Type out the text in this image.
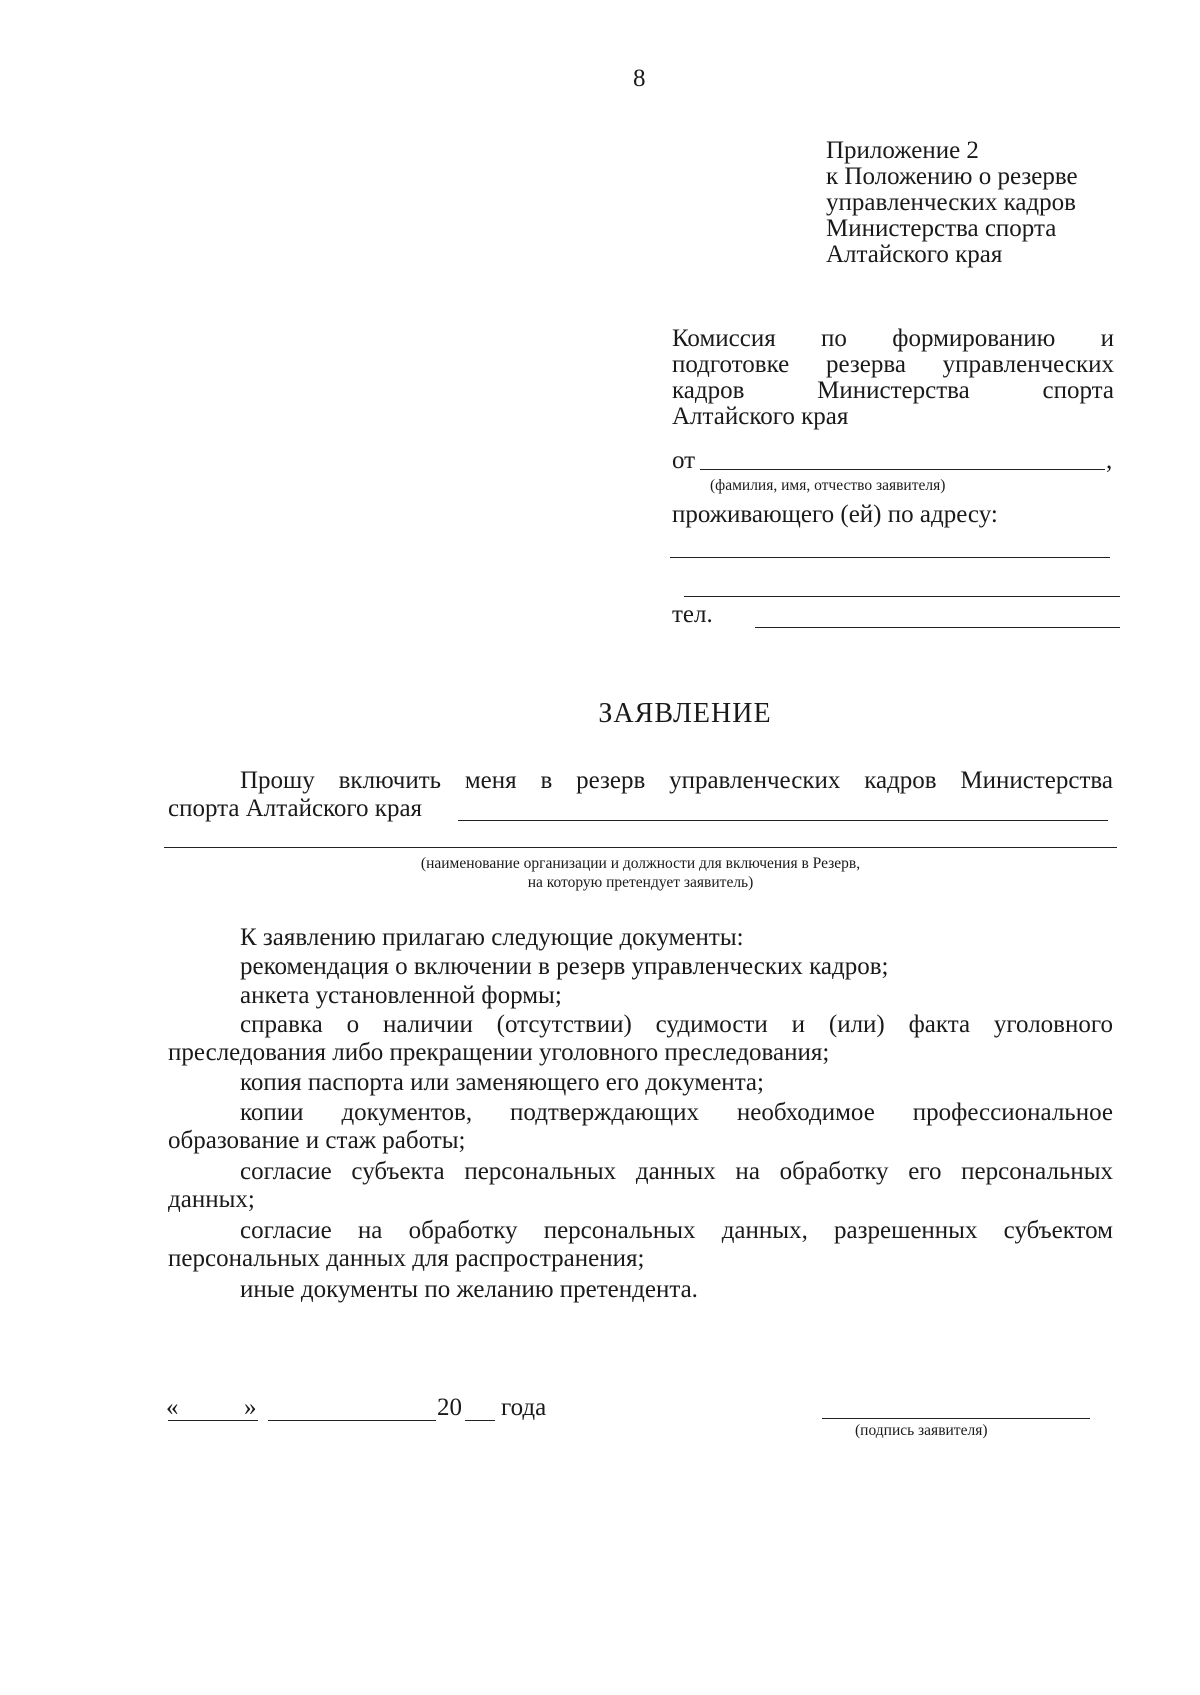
8
Приложение 2
к Положению о резерве
управленческих кадров
Министерства спорта
Алтайского края
Комиссия по формированию и
подготовке резерва управленческих
кадров Министерства спорта
Алтайского края
от	,
(фамилия, имя, отчество заявителя)
проживающего (ей) по адресу:
тел.
ЗАЯВЛЕНИЕ
Прошу включить меня в резерв управленческих кадров Министерства
спорта Алтайского края
(наименование организации и должности для включения в Резерв,
на которую претендует заявитель)
К заявлению прилагаю следующие документы:
рекомендация о включении в резерв управленческих кадров;
анкета установленной формы;
справка о наличии (отсутствии) судимости и (или) факта уголовного
преследования либо прекращении уголовного преследования;
копия паспорта или заменяющего его документа;
копии документов, подтверждающих необходимое профессиональное
образование и стаж работы;
согласие субъекта персональных данных на обработку его персональных
данных;
согласие на обработку персональных данных, разрешенных субъектом
персональных данных для распространения;
иные документы по желанию претендента.
«	»	20 года
(подпись заявителя)
